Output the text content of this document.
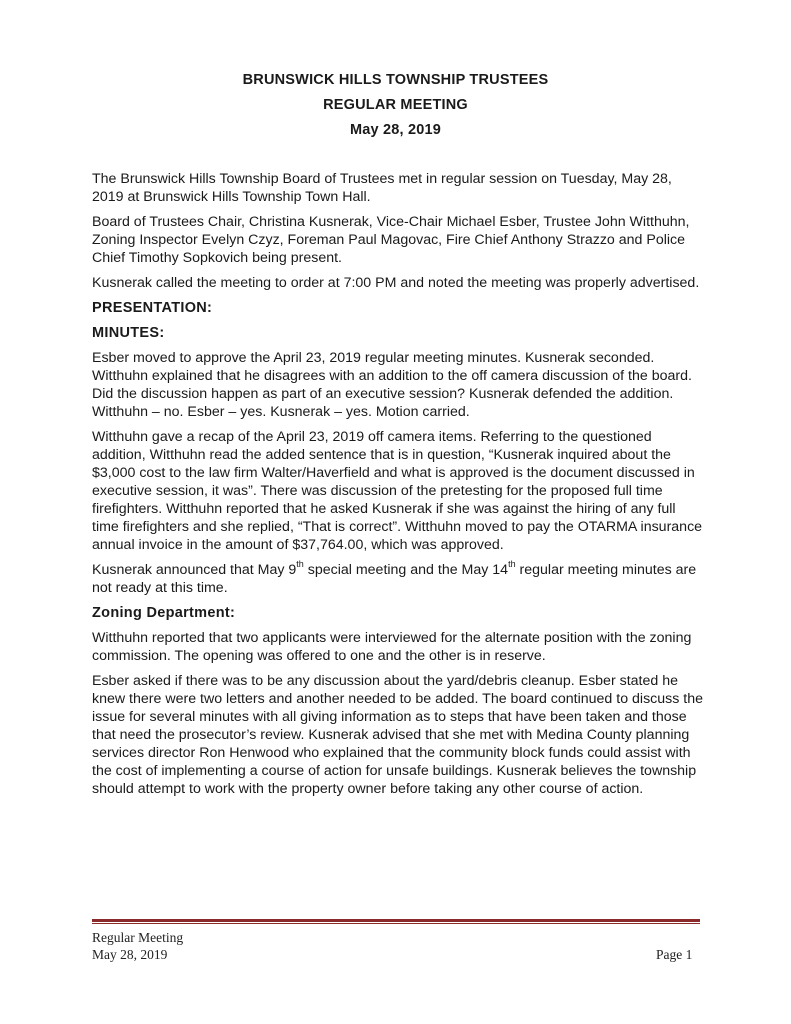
BRUNSWICK HILLS TOWNSHIP TRUSTEES
REGULAR MEETING
May 28, 2019

The Brunswick Hills Township Board of Trustees met in regular session on Tuesday, May 28, 2019 at Brunswick Hills Township Town Hall.

Board of Trustees Chair, Christina Kusnerak, Vice-Chair Michael Esber, Trustee John Witthuhn, Zoning Inspector Evelyn Czyz, Foreman Paul Magovac, Fire Chief Anthony Strazzo and Police Chief Timothy Sopkovich being present.

Kusnerak called the meeting to order at 7:00 PM and noted the meeting was properly advertised.

PRESENTATION:
MINUTES:

Esber moved to approve the April 23, 2019 regular meeting minutes. Kusnerak seconded. Witthuhn explained that he disagrees with an addition to the off camera discussion of the board. Did the discussion happen as part of an executive session? Kusnerak defended the addition. Witthuhn – no. Esber – yes. Kusnerak – yes. Motion carried.

Witthuhn gave a recap of the April 23, 2019 off camera items. Referring to the questioned addition, Witthuhn read the added sentence that is in question, “Kusnerak inquired about the $3,000 cost to the law firm Walter/Haverfield and what is approved is the document discussed in executive session, it was”. There was discussion of the pretesting for the proposed full time firefighters. Witthuhn reported that he asked Kusnerak if she was against the hiring of any full time firefighters and she replied, “That is correct”. Witthuhn moved to pay the OTARMA insurance annual invoice in the amount of $37,764.00, which was approved.

Kusnerak announced that May 9th special meeting and the May 14th regular meeting minutes are not ready at this time.

Zoning Department:

Witthuhn reported that two applicants were interviewed for the alternate position with the zoning commission. The opening was offered to one and the other is in reserve.

Esber asked if there was to be any discussion about the yard/debris cleanup. Esber stated he knew there were two letters and another needed to be added. The board continued to discuss the issue for several minutes with all giving information as to steps that have been taken and those that need the prosecutor’s review. Kusnerak advised that she met with Medina County planning services director Ron Henwood who explained that the community block funds could assist with the cost of implementing a course of action for unsafe buildings. Kusnerak believes the township should attempt to work with the property owner before taking any other course of action.

Regular Meeting
May 28, 2019	Page 1
